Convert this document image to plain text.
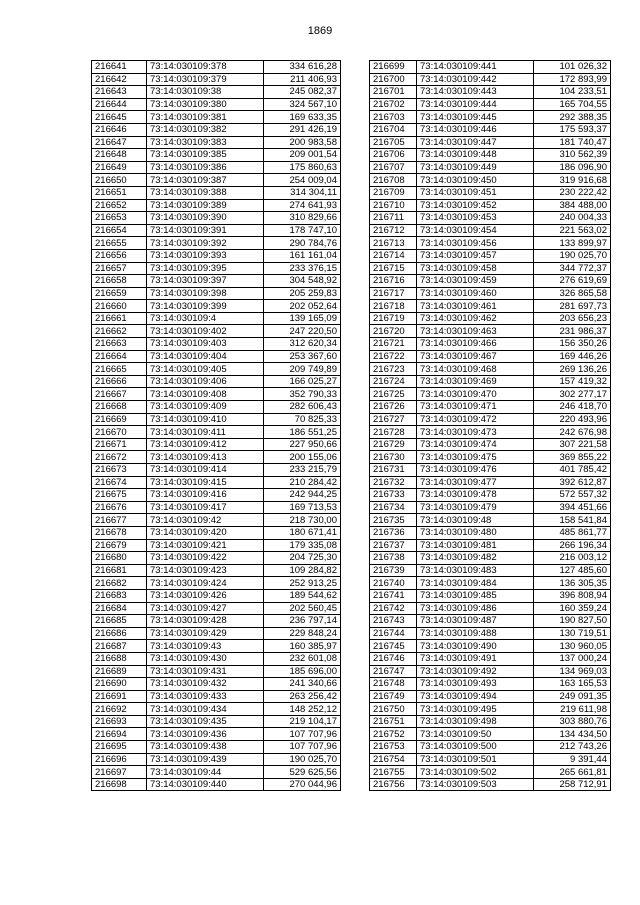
1869
216641	73:14:030109:378	334 616,28
216642	73:14:030109:379	211 406,93
216643	73:14:030109:38	245 082,37
216644	73:14:030109:380	324 567,10
216645	73:14:030109:381	169 633,35
216646	73:14:030109:382	291 426,19
216647	73:14:030109:383	200 983,58
216648	73:14:030109:385	209 001,54
216649	73:14:030109:386	175 860,63
216650	73:14:030109:387	254 009,04
216651	73:14:030109:388	314 304,11
216652	73:14:030109:389	274 641,93
216653	73:14:030109:390	310 829,66
216654	73:14:030109:391	178 747,10
216655	73:14:030109:392	290 784,76
216656	73:14:030109:393	161 161,04
216657	73:14:030109:395	233 376,15
216658	73:14:030109:397	304 548,92
216659	73:14:030109:398	205 259,83
216660	73:14:030109:399	202 052,64
216661	73:14:030109:4	139 165,09
216662	73:14:030109:402	247 220,50
216663	73:14:030109:403	312 620,34
216664	73:14:030109:404	253 367,60
216665	73:14:030109:405	209 749,89
216666	73:14:030109:406	166 025,27
216667	73:14:030109:408	352 790,33
216668	73:14:030109:409	282 606,43
216669	73:14:030109:410	70 825,33
216670	73:14:030109:411	186 551,25
216671	73:14:030109:412	227 950,66
216672	73:14:030109:413	200 155,06
216673	73:14:030109:414	233 215,79
216674	73:14:030109:415	210 284,42
216675	73:14:030109:416	242 944,25
216676	73:14:030109:417	169 713,53
216677	73:14:030109:42	218 730,00
216678	73:14:030109:420	180 671,41
216679	73:14:030109:421	179 335,08
216680	73:14:030109:422	204 725,30
216681	73:14:030109:423	109 284,82
216682	73:14:030109:424	252 913,25
216683	73:14:030109:426	189 544,62
216684	73:14:030109:427	202 560,45
216685	73:14:030109:428	236 797,14
216686	73:14:030109:429	229 848,24
216687	73:14:030109:43	160 385,97
216688	73:14:030109:430	232 601,08
216689	73:14:030109:431	185 696,00
216690	73:14:030109:432	241 340,66
216691	73:14:030109:433	263 256,42
216692	73:14:030109:434	148 252,12
216693	73:14:030109:435	219 104,17
216694	73:14:030109:436	107 707,96
216695	73:14:030109:438	107 707,96
216696	73:14:030109:439	190 025,70
216697	73:14:030109:44	529 625,56
216698	73:14:030109:440	270 044,96
216699	73:14:030109:441	101 026,32
216700	73:14:030109:442	172 893,99
216701	73:14:030109:443	104 233,51
216702	73:14:030109:444	165 704,55
216703	73:14:030109:445	292 388,35
216704	73:14:030109:446	175 593,37
216705	73:14:030109:447	181 740,47
216706	73:14:030109:448	310 562,39
216707	73:14:030109:449	186 096,90
216708	73:14:030109:450	319 916,68
216709	73:14:030109:451	230 222,42
216710	73:14:030109:452	384 488,00
216711	73:14:030109:453	240 004,33
216712	73:14:030109:454	221 563,02
216713	73:14:030109:456	133 899,97
216714	73:14:030109:457	190 025,70
216715	73:14:030109:458	344 772,37
216716	73:14:030109:459	276 619,69
216717	73:14:030109:460	326 865,58
216718	73:14:030109:461	281 697,73
216719	73:14:030109:462	203 656,23
216720	73:14:030109:463	231 986,37
216721	73:14:030109:466	156 350,26
216722	73:14:030109:467	169 446,26
216723	73:14:030109:468	269 136,26
216724	73:14:030109:469	157 419,32
216725	73:14:030109:470	302 277,17
216726	73:14:030109:471	246 418,70
216727	73:14:030109:472	220 493,96
216728	73:14:030109:473	242 676,98
216729	73:14:030109:474	307 221,58
216730	73:14:030109:475	369 855,22
216731	73:14:030109:476	401 785,42
216732	73:14:030109:477	392 612,87
216733	73:14:030109:478	572 557,32
216734	73:14:030109:479	394 451,66
216735	73:14:030109:48	158 541,84
216736	73:14:030109:480	485 861,77
216737	73:14:030109:481	266 196,34
216738	73:14:030109:482	216 003,12
216739	73:14:030109:483	127 485,60
216740	73:14:030109:484	136 305,35
216741	73:14:030109:485	396 808,94
216742	73:14:030109:486	160 359,24
216743	73:14:030109:487	190 827,50
216744	73:14:030109:488	130 719,51
216745	73:14:030109:490	130 960,05
216746	73:14:030109:491	137 000,24
216747	73:14:030109:492	134 969,03
216748	73:14:030109:493	163 165,53
216749	73:14:030109:494	249 091,35
216750	73:14:030109:495	219 611,98
216751	73:14:030109:498	303 880,76
216752	73:14:030109:50	134 434,50
216753	73:14:030109:500	212 743,26
216754	73:14:030109:501	9 391,44
216755	73:14:030109:502	265 661,81
216756	73:14:030109:503	258 712,91
